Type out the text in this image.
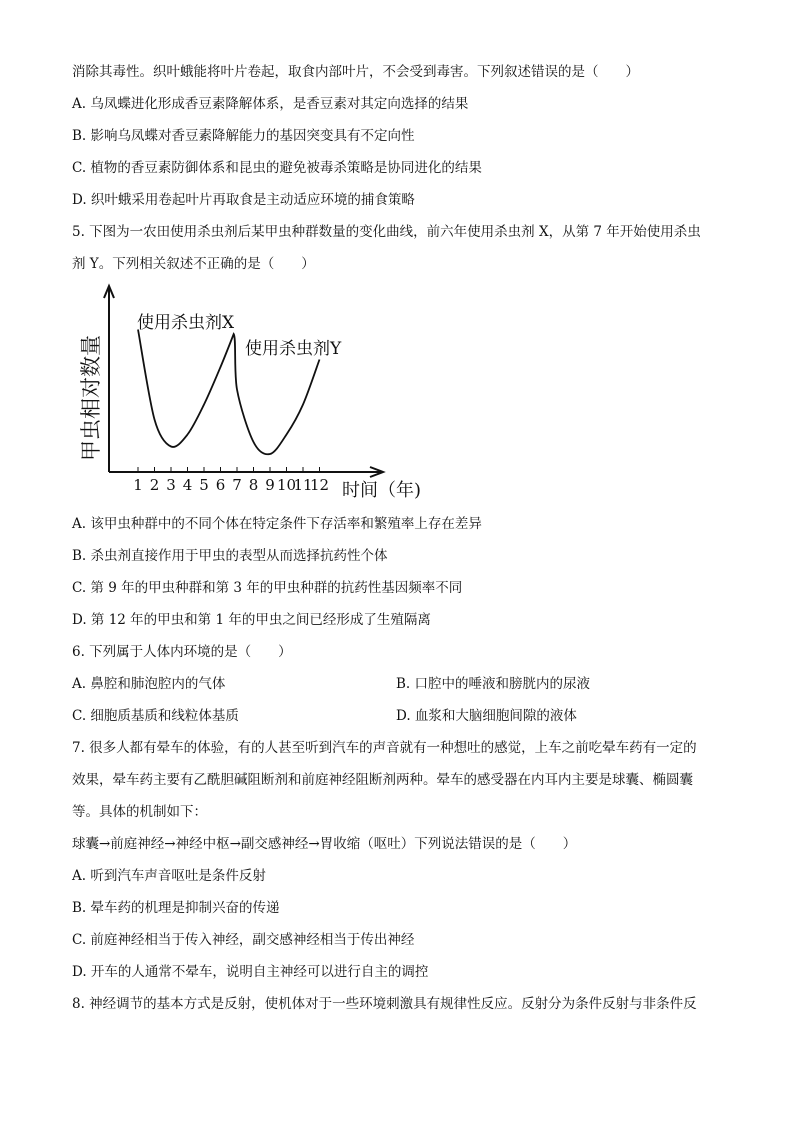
消除其毒性。织叶蛾能将叶片卷起，取食内部叶片，不会受到毒害。下列叙述错误的是（　　）
A. 乌凤蝶进化形成香豆素降解体系，是香豆素对其定向选择的结果
B. 影响乌凤蝶对香豆素降解能力的基因突变具有不定向性
C. 植物的香豆素防御体系和昆虫的避免被毒杀策略是协同进化的结果
D. 织叶蛾采用卷起叶片再取食是主动适应环境的捕食策略
5. 下图为一农田使用杀虫剂后某甲虫种群数量的变化曲线，前六年使用杀虫剂 X，从第 7 年开始使用杀虫
剂 Y。下列相关叙述不正确的是（　　）
A. 该甲虫种群中的不同个体在特定条件下存活率和繁殖率上存在差异
B. 杀虫剂直接作用于甲虫的表型从而选择抗药性个体
C. 第 9 年的甲虫种群和第 3 年的甲虫种群的抗药性基因频率不同
D. 第 12 年的甲虫和第 1 年的甲虫之间已经形成了生殖隔离
6. 下列属于人体内环境的是（　　）
A. 鼻腔和肺泡腔内的气体	B. 口腔中的唾液和膀胱内的尿液
C. 细胞质基质和线粒体基质	D. 血浆和大脑细胞间隙的液体
7. 很多人都有晕车的体验，有的人甚至听到汽车的声音就有一种想吐的感觉，上车之前吃晕车药有一定的
效果，晕车药主要有乙酰胆碱阻断剂和前庭神经阻断剂两种。晕车的感受器在内耳内主要是球囊、椭圆囊
等。具体的机制如下：
球囊→前庭神经→神经中枢→副交感神经→胃收缩（呕吐）下列说法错误的是（　　）
A. 听到汽车声音呕吐是条件反射
B. 晕车药的机理是抑制兴奋的传递
C. 前庭神经相当于传入神经，副交感神经相当于传出神经
D. 开车的人通常不晕车，说明自主神经可以进行自主的调控
8. 神经调节的基本方式是反射，使机体对于一些环境刺激具有规律性反应。反射分为条件反射与非条件反
1 2 3 4 5 6 7 8 9 10
11
12
甲虫相对数量
时间（年)
使用杀虫剂X
使用杀虫剂Y
